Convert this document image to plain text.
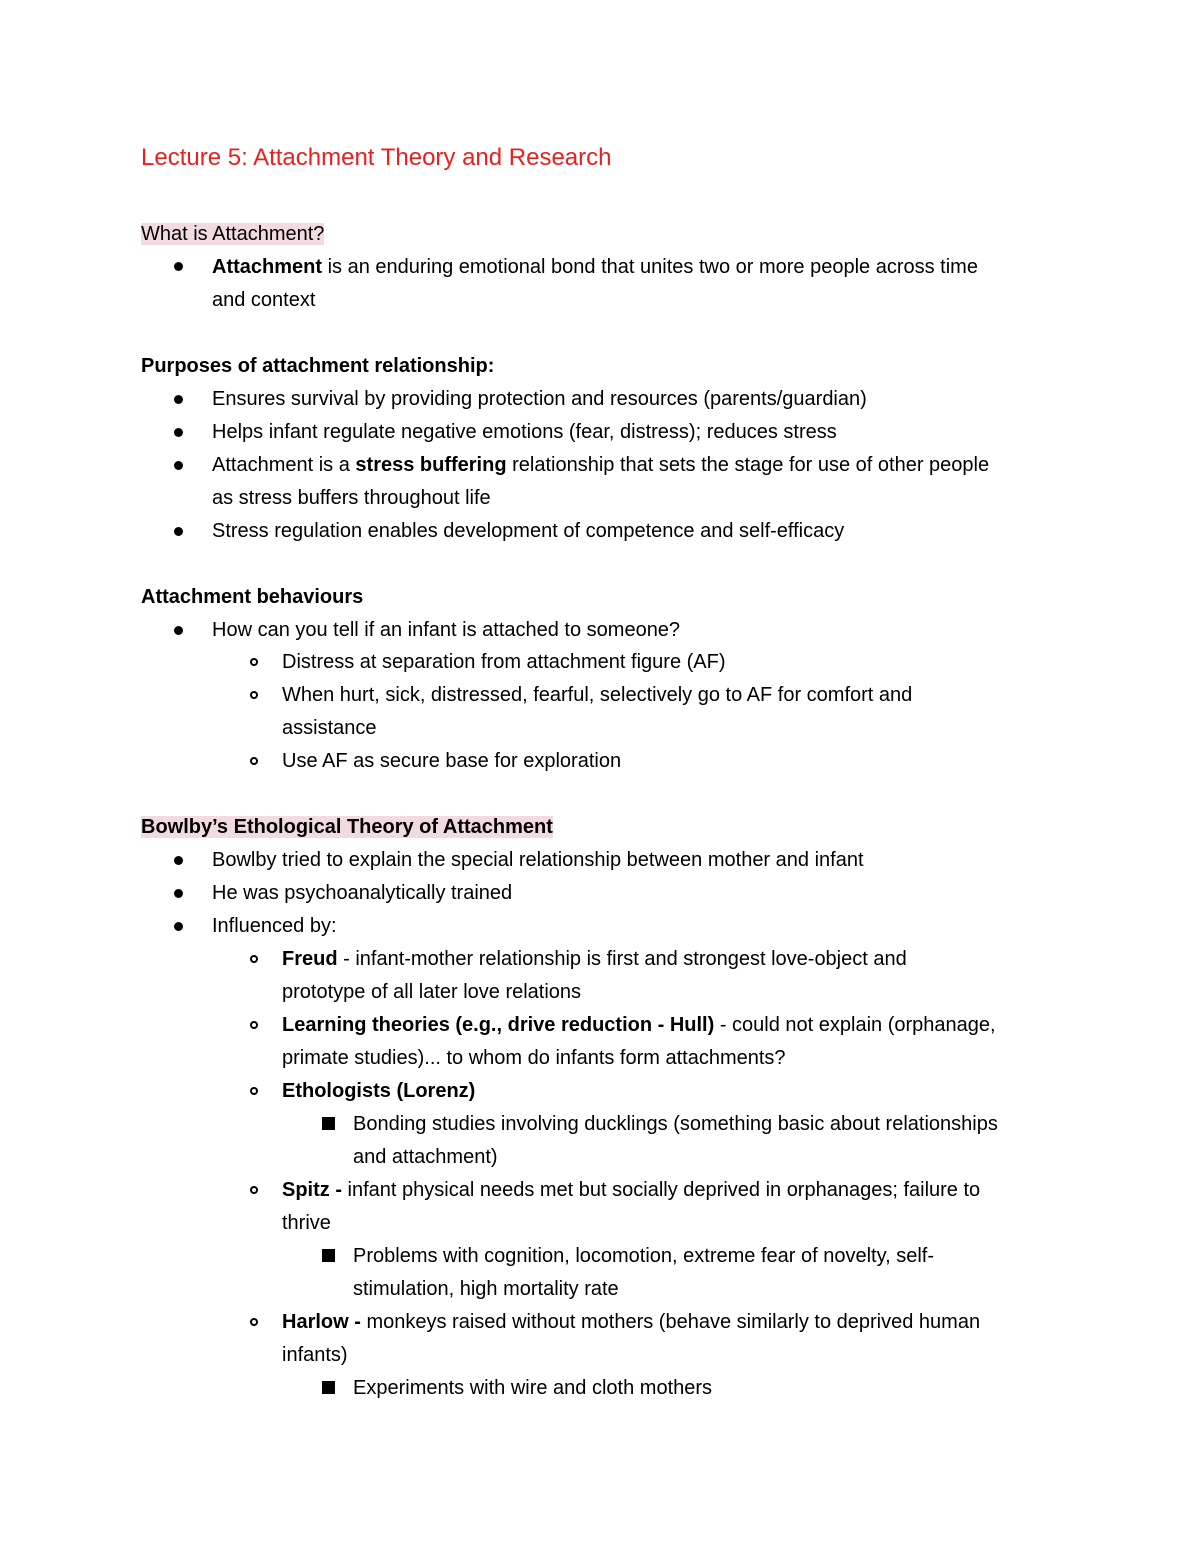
Lecture 5: Attachment Theory and Research
What is Attachment?
Attachment is an enduring emotional bond that unites two or more people across time
and context
Purposes of attachment relationship:
Ensures survival by providing protection and resources (parents/guardian)
Helps infant regulate negative emotions (fear, distress); reduces stress
Attachment is a stress buffering relationship that sets the stage for use of other people
as stress buffers throughout life
Stress regulation enables development of competence and self-efficacy
Attachment behaviours
How can you tell if an infant is attached to someone?
Distress at separation from attachment figure (AF)
When hurt, sick, distressed, fearful, selectively go to AF for comfort and
assistance
Use AF as secure base for exploration
Bowlby’s Ethological Theory of Attachment
Bowlby tried to explain the special relationship between mother and infant
He was psychoanalytically trained
Influenced by:
Freud - infant-mother relationship is first and strongest love-object and
prototype of all later love relations
Learning theories (e.g., drive reduction - Hull) - could not explain (orphanage,
primate studies)... to whom do infants form attachments?
Ethologists (Lorenz)
Bonding studies involving ducklings (something basic about relationships
and attachment)
Spitz - infant physical needs met but socially deprived in orphanages; failure to
thrive
Problems with cognition, locomotion, extreme fear of novelty, self-
stimulation, high mortality rate
Harlow - monkeys raised without mothers (behave similarly to deprived human
infants)
Experiments with wire and cloth mothers
